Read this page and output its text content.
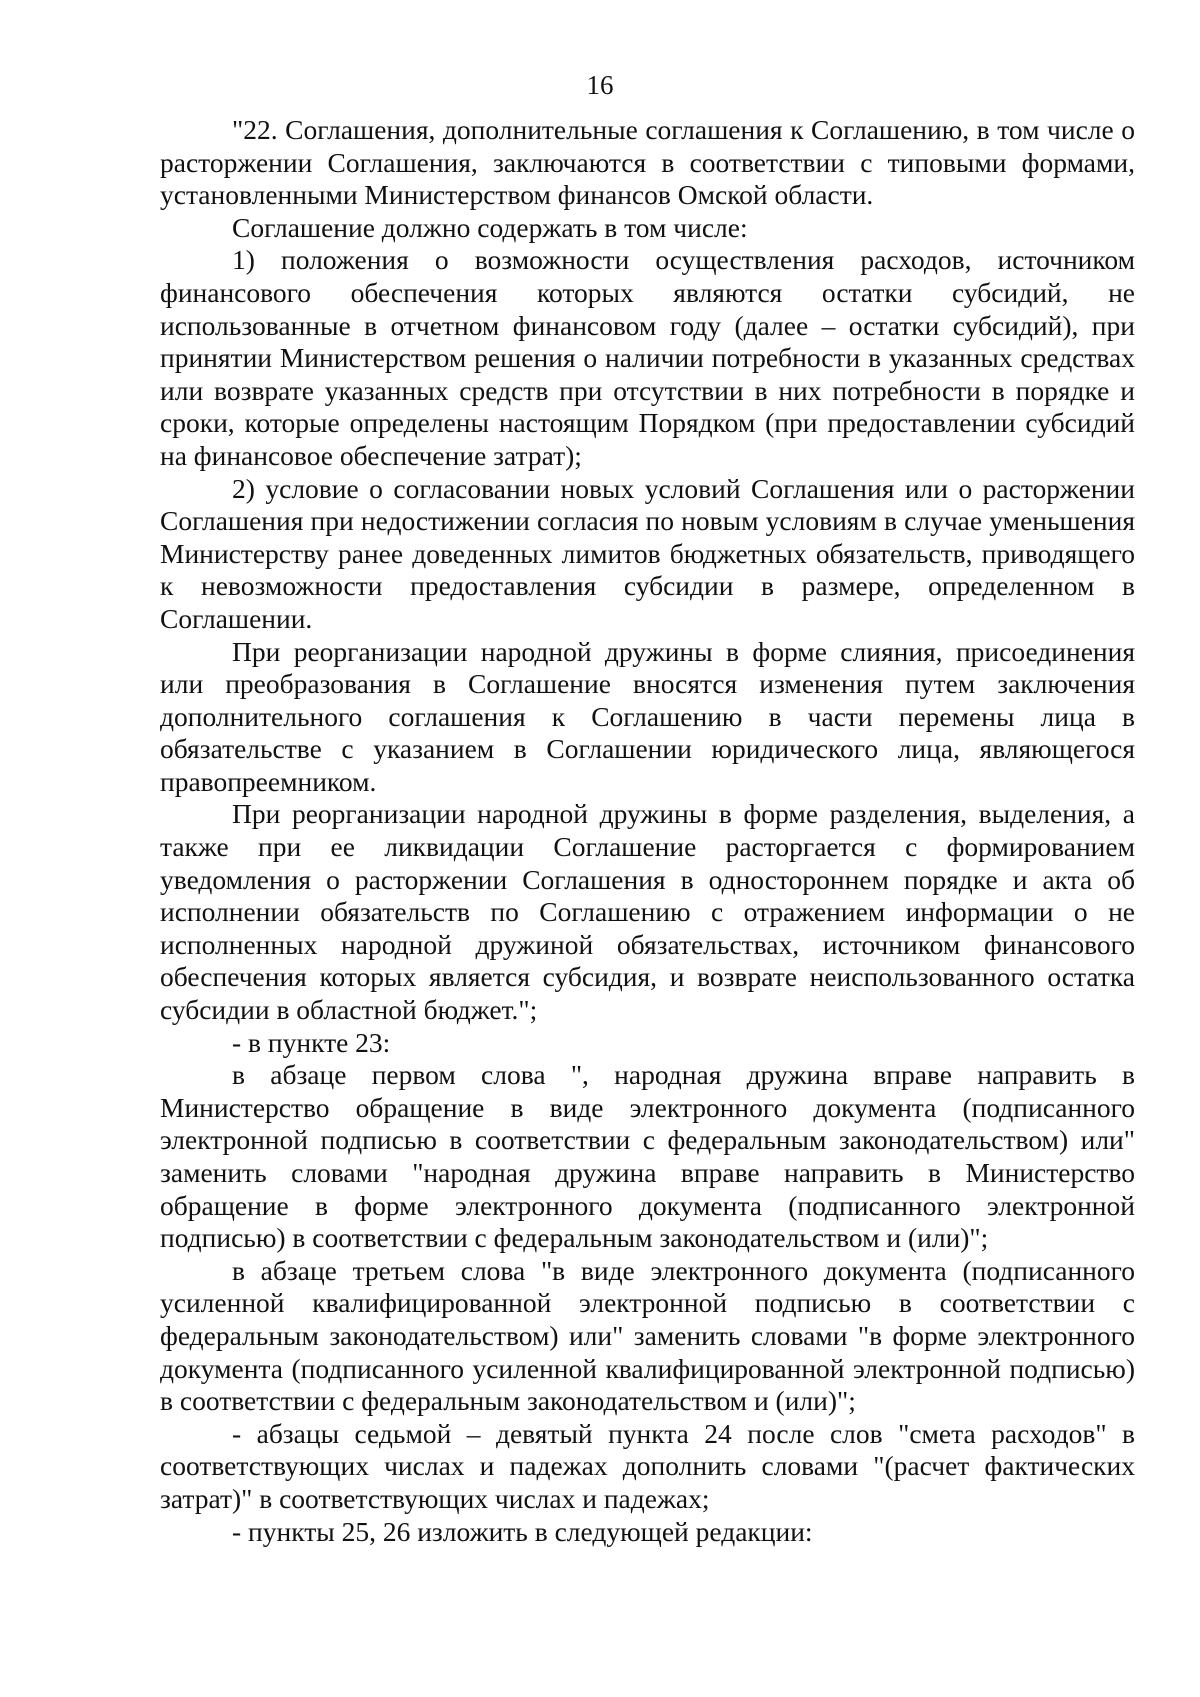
16

"22. Соглашения, дополнительные соглашения к Соглашению, в том числе о расторжении Соглашения, заключаются в соответствии с типовыми формами, установленными Министерством финансов Омской области.

Соглашение должно содержать в том числе:

1) положения о возможности осуществления расходов, источником финансового обеспечения которых являются остатки субсидий, не использованные в отчетном финансовом году (далее – остатки субсидий), при принятии Министерством решения о наличии потребности в указанных средствах или возврате указанных средств при отсутствии в них потребности в порядке и сроки, которые определены настоящим Порядком (при предоставлении субсидий на финансовое обеспечение затрат);

2) условие о согласовании новых условий Соглашения или о расторжении Соглашения при недостижении согласия по новым условиям в случае уменьшения Министерству ранее доведенных лимитов бюджетных обязательств, приводящего к невозможности предоставления субсидии в размере, определенном в Соглашении.

При реорганизации народной дружины в форме слияния, присоединения или преобразования в Соглашение вносятся изменения путем заключения дополнительного соглашения к Соглашению в части перемены лица в обязательстве с указанием в Соглашении юридического лица, являющегося правопреемником.

При реорганизации народной дружины в форме разделения, выделения, а также при ее ликвидации Соглашение расторгается с формированием уведомления о расторжении Соглашения в одностороннем порядке и акта об исполнении обязательств по Соглашению с отражением информации о не исполненных народной дружиной обязательствах, источником финансового обеспечения которых является субсидия, и возврате неиспользованного остатка субсидии в областной бюджет.";

- в пункте 23:

в абзаце первом слова ", народная дружина вправе направить в Министерство обращение в виде электронного документа (подписанного электронной подписью в соответствии с федеральным законодательством) или" заменить словами "народная дружина вправе направить в Министерство обращение в форме электронного документа (подписанного электронной подписью) в соответствии с федеральным законодательством и (или)";

в абзаце третьем слова "в виде электронного документа (подписанного усиленной квалифицированной электронной подписью в соответствии с федеральным законодательством) или" заменить словами "в форме электронного документа (подписанного усиленной квалифицированной электронной подписью) в соответствии с федеральным законодательством и (или)";

- абзацы седьмой – девятый пункта 24 после слов "смета расходов" в соответствующих числах и падежах дополнить словами "(расчет фактических затрат)" в соответствующих числах и падежах;

- пункты 25, 26 изложить в следующей редакции:
